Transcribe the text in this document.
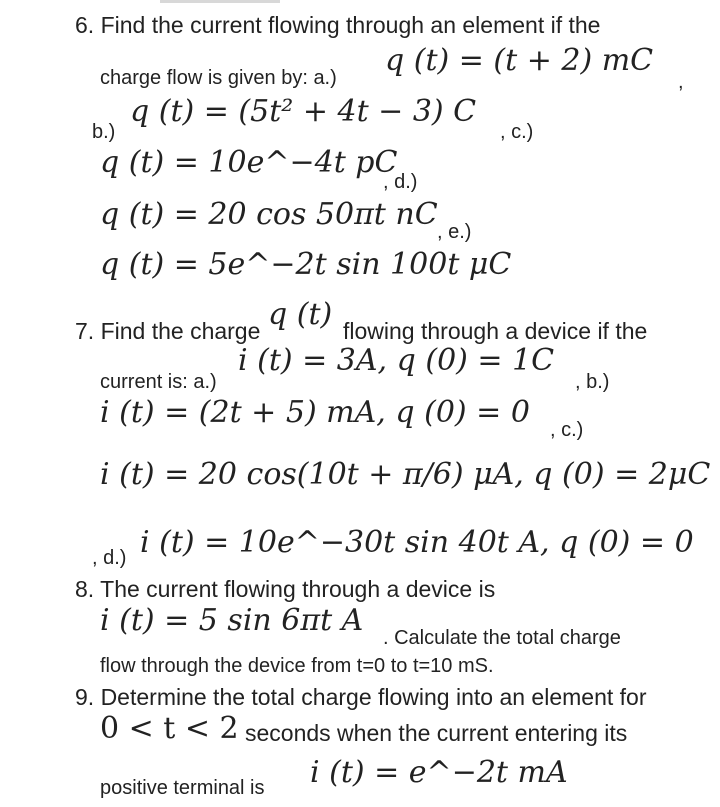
6. Find the current flowing through an element if the
charge flow is given by: a.) q (t) = (t + 2) mC
,
b.)
q (t) = (5t² + 4t − 3) C
, c.)
q (t) = 10e^−4t pC
, d.)
q (t) = 20 cos 50πt nC , e.)
q (t) = 5e^−2t sin 100t μC
7. Find the charge q (t) flowing through a device if the
current is: a.)
i (t) = 3A, q (0) = 1C
, b.)
i (t) = (2t + 5) mA, q (0) = 0 , c.)
i (t) = 20 cos(10t + π/6) μA, q (0) = 2μC
, d.) i (t) = 10e^−30t sin 40t A, q (0) = 0
8. The current flowing through a device is
i (t) = 5 sin 6πt A . Calculate the total charge
flow through the device from t=0 to t=10 mS.
9. Determine the total charge flowing into an element for
0 < t < 2 seconds when the current entering its
positive terminal is i (t) = e^−2t mA
